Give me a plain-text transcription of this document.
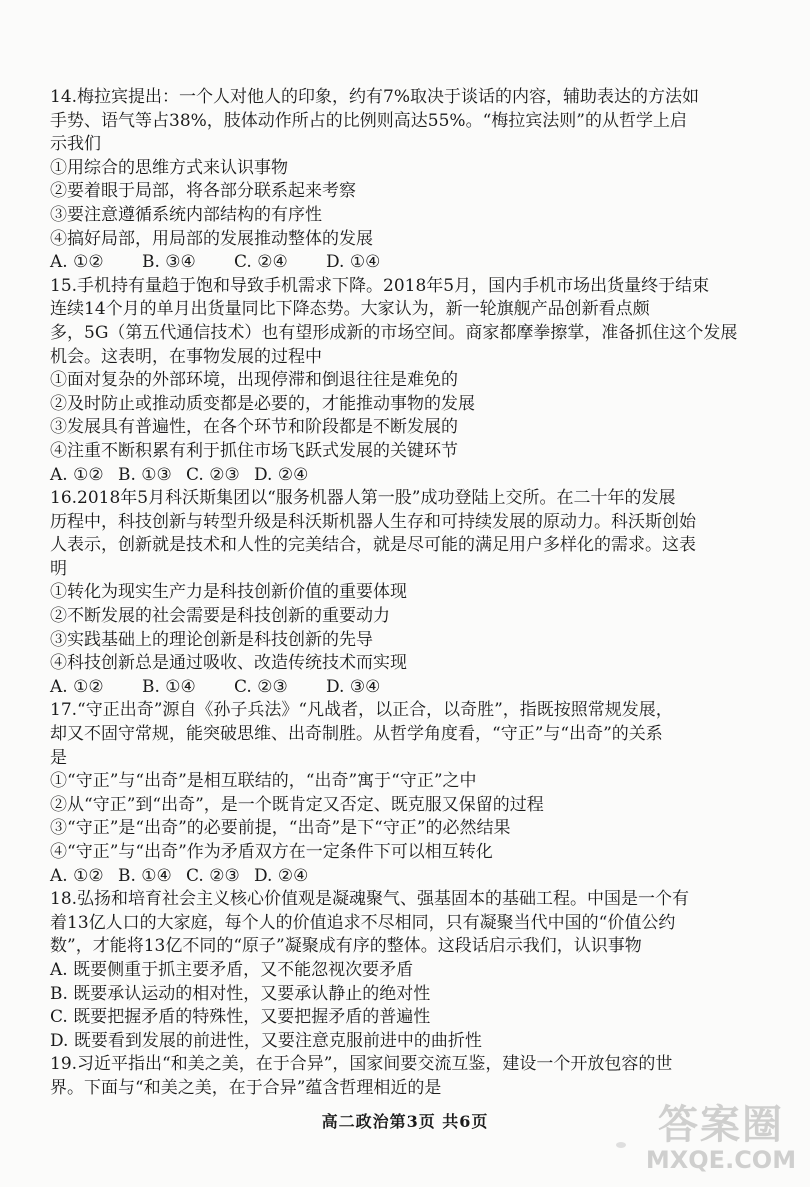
14.梅拉宾提出：一个人对他人的印象，约有7%取决于谈话的内容，辅助表达的方法如
手势、语气等占38%，肢体动作所占的比例则高达55%。“梅拉宾法则”的从哲学上启
示我们
①用综合的思维方式来认识事物
②要着眼于局部，将各部分联系起来考察
③要注意遵循系统内部结构的有序性
④搞好局部，用局部的发展推动整体的发展
A. ①②	B. ③④	C. ②④	D. ①④
15.手机持有量趋于饱和导致手机需求下降。2018年5月，国内手机市场出货量终于结束
连续14个月的单月出货量同比下降态势。大家认为，新一轮旗舰产品创新看点颇
多，5G（第五代通信技术）也有望形成新的市场空间。商家都摩拳擦掌，准备抓住这个发展
机会。这表明，在事物发展的过程中
①面对复杂的外部环境，出现停滞和倒退往往是难免的
②及时防止或推动质变都是必要的，才能推动事物的发展
③发展具有普遍性，在各个环节和阶段都是不断发展的
④注重不断积累有利于抓住市场飞跃式发展的关键环节
A. ①② B. ①③ C. ②③ D. ②④
16.2018年5月科沃斯集团以“服务机器人第一股”成功登陆上交所。在二十年的发展
历程中，科技创新与转型升级是科沃斯机器人生存和可持续发展的原动力。科沃斯创始
人表示，创新就是技术和人性的完美结合，就是尽可能的满足用户多样化的需求。这表
明
①转化为现实生产力是科技创新价值的重要体现
②不断发展的社会需要是科技创新的重要动力
③实践基础上的理论创新是科技创新的先导
④科技创新总是通过吸收、改造传统技术而实现
A. ①②	B. ①④	C. ②③	D. ③④
17.“守正出奇”源自《孙子兵法》“凡战者，以正合，以奇胜”，指既按照常规发展，
却又不固守常规，能突破思维、出奇制胜。从哲学角度看，“守正”与“出奇”的关系
是
①“守正”与“出奇”是相互联结的，“出奇”寓于“守正”之中
②从“守正”到“出奇”，是一个既肯定又否定、既克服又保留的过程
③“守正”是“出奇”的必要前提，“出奇”是下“守正”的必然结果
④“守正”与“出奇”作为矛盾双方在一定条件下可以相互转化
A. ①② B. ①④ C. ②③ D. ②④
18.弘扬和培育社会主义核心价值观是凝魂聚气、强基固本的基础工程。中国是一个有
着13亿人口的大家庭，每个人的价值追求不尽相同，只有凝聚当代中国的“价值公约
数”，才能将13亿不同的“原子”凝聚成有序的整体。这段话启示我们，认识事物
A. 既要侧重于抓主要矛盾，又不能忽视次要矛盾
B. 既要承认运动的相对性，又要承认静止的绝对性
C. 既要把握矛盾的特殊性，又要把握矛盾的普遍性
D. 既要看到发展的前进性，又要注意克服前进中的曲折性
19.习近平指出“和美之美，在于合异”，国家间要交流互鉴，建设一个开放包容的世
界。下面与“和美之美，在于合异”蕴含哲理相近的是
高二政治第3页 共6页	答案圈
MXQE.COM
